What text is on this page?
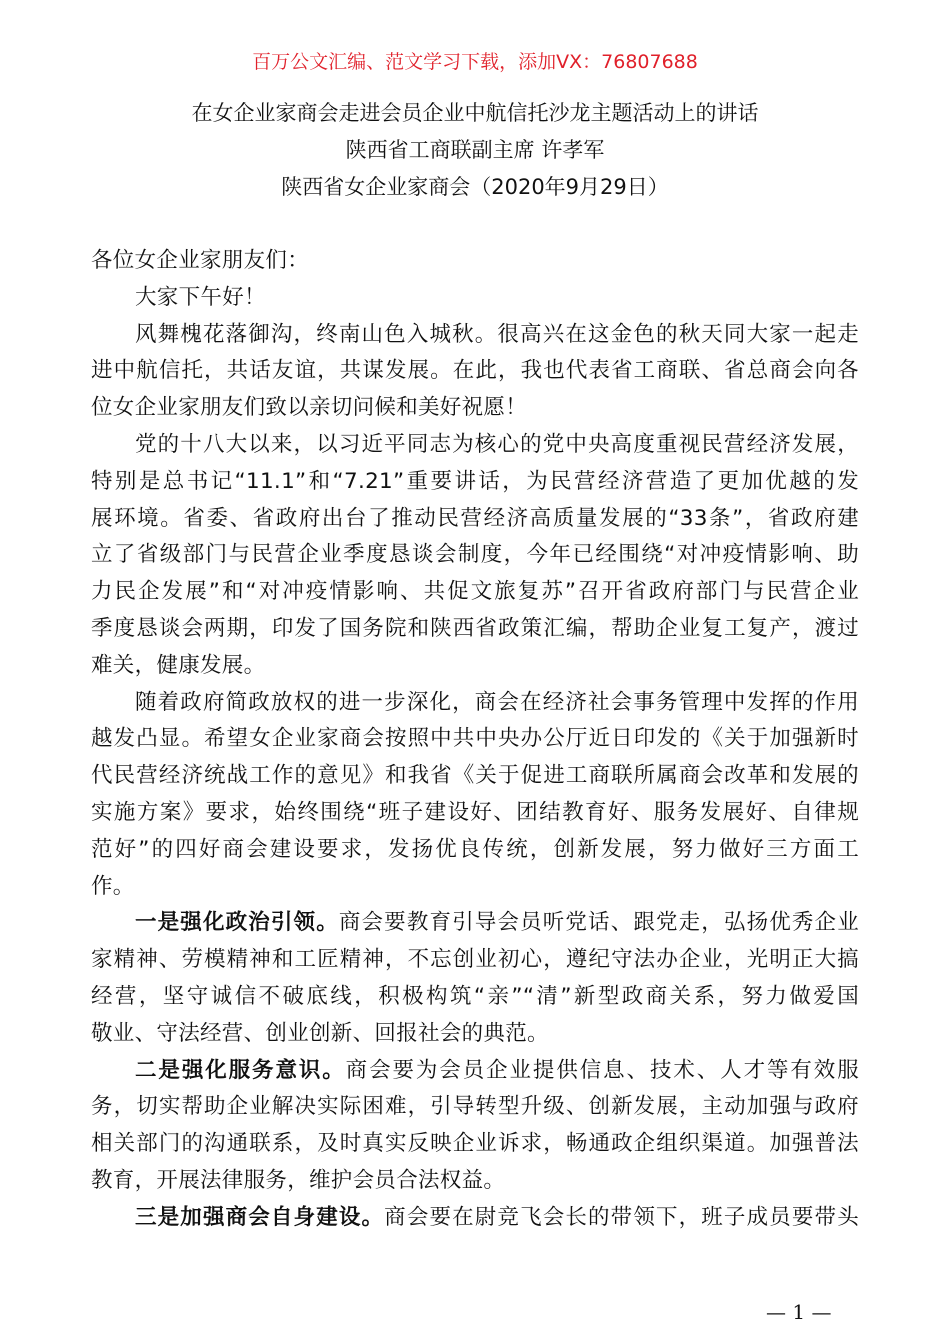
百万公文汇编、范文学习下载，添加VX：76807688
在女企业家商会走进会员企业中航信托沙龙主题活动上的讲话
陕西省工商联副主席 许孝军
陕西省女企业家商会（2020年9月29日）
各位女企业家朋友们：
大家下午好！
风舞槐花落御沟，终南山色入城秋。很高兴在这金色的秋天同大家一起走
进中航信托，共话友谊，共谋发展。在此，我也代表省工商联、省总商会向各
位女企业家朋友们致以亲切问候和美好祝愿！
党的十八大以来，以习近平同志为核心的党中央高度重视民营经济发展，
特别是总书记“11.1”和“7.21”重要讲话，为民营经济营造了更加优越的发
展环境。省委、省政府出台了推动民营经济高质量发展的“33条”，省政府建
立了省级部门与民营企业季度恳谈会制度，今年已经围绕“对冲疫情影响、助
力民企发展”和“对冲疫情影响、共促文旅复苏”召开省政府部门与民营企业
季度恳谈会两期，印发了国务院和陕西省政策汇编，帮助企业复工复产，渡过
难关，健康发展。
随着政府简政放权的进一步深化，商会在经济社会事务管理中发挥的作用
越发凸显。希望女企业家商会按照中共中央办公厅近日印发的《关于加强新时
代民营经济统战工作的意见》和我省《关于促进工商联所属商会改革和发展的
实施方案》要求，始终围绕“班子建设好、团结教育好、服务发展好、自律规
范好”的四好商会建设要求，发扬优良传统，创新发展，努力做好三方面工
作。
一是强化政治引领。商会要教育引导会员听党话、跟党走，弘扬优秀企业
家精神、劳模精神和工匠精神，不忘创业初心，遵纪守法办企业，光明正大搞
经营，坚守诚信不破底线，积极构筑“亲”“清”新型政商关系，努力做爱国
敬业、守法经营、创业创新、回报社会的典范。
二是强化服务意识。商会要为会员企业提供信息、技术、人才等有效服
务，切实帮助企业解决实际困难，引导转型升级、创新发展，主动加强与政府
相关部门的沟通联系，及时真实反映企业诉求，畅通政企组织渠道。加强普法
教育，开展法律服务，维护会员合法权益。
三是加强商会自身建设。商会要在尉竞飞会长的带领下，班子成员要带头
— 1 —
